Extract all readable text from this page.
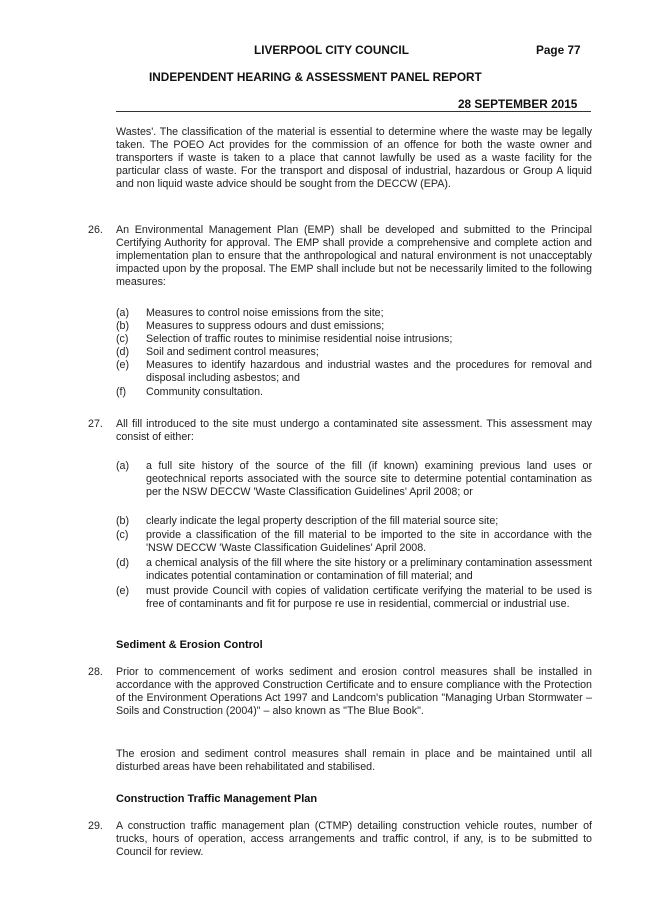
LIVERPOOL CITY COUNCIL	Page 77
INDEPENDENT HEARING & ASSESSMENT PANEL REPORT
28 SEPTEMBER 2015
Wastes'. The classification of the material is essential to determine where the waste may be legally taken. The POEO Act provides for the commission of an offence for both the waste owner and transporters if waste is taken to a place that cannot lawfully be used as a waste facility for the particular class of waste. For the transport and disposal of industrial, hazardous or Group A liquid and non liquid waste advice should be sought from the DECCW (EPA).
26. An Environmental Management Plan (EMP) shall be developed and submitted to the Principal Certifying Authority for approval. The EMP shall provide a comprehensive and complete action and implementation plan to ensure that the anthropological and natural environment is not unacceptably impacted upon by the proposal. The EMP shall include but not be necessarily limited to the following measures:
(a)	Measures to control noise emissions from the site;
(b)	Measures to suppress odours and dust emissions;
(c)	Selection of traffic routes to minimise residential noise intrusions;
(d)	Soil and sediment control measures;
(e)	Measures to identify hazardous and industrial wastes and the procedures for removal and disposal including asbestos; and
(f)	Community consultation.
27. All fill introduced to the site must undergo a contaminated site assessment. This assessment may consist of either:
(a)	a full site history of the source of the fill (if known) examining previous land uses or geotechnical reports associated with the source site to determine potential contamination as per the NSW DECCW 'Waste Classification Guidelines' April 2008; or
(b)	clearly indicate the legal property description of the fill material source site;
(c)	provide a classification of the fill material to be imported to the site in accordance with the 'NSW DECCW 'Waste Classification Guidelines' April 2008.
(d)	a chemical analysis of the fill where the site history or a preliminary contamination assessment indicates potential contamination or contamination of fill material; and
(e)	must provide Council with copies of validation certificate verifying the material to be used is free of contaminants and fit for purpose re use in residential, commercial or industrial use.
Sediment & Erosion Control
28. Prior to commencement of works sediment and erosion control measures shall be installed in accordance with the approved Construction Certificate and to ensure compliance with the Protection of the Environment Operations Act 1997 and Landcom's publication "Managing Urban Stormwater – Soils and Construction (2004)" – also known as "The Blue Book".
The erosion and sediment control measures shall remain in place and be maintained until all disturbed areas have been rehabilitated and stabilised.
Construction Traffic Management Plan
29. A construction traffic management plan (CTMP) detailing construction vehicle routes, number of trucks, hours of operation, access arrangements and traffic control, if any, is to be submitted to Council for review.
